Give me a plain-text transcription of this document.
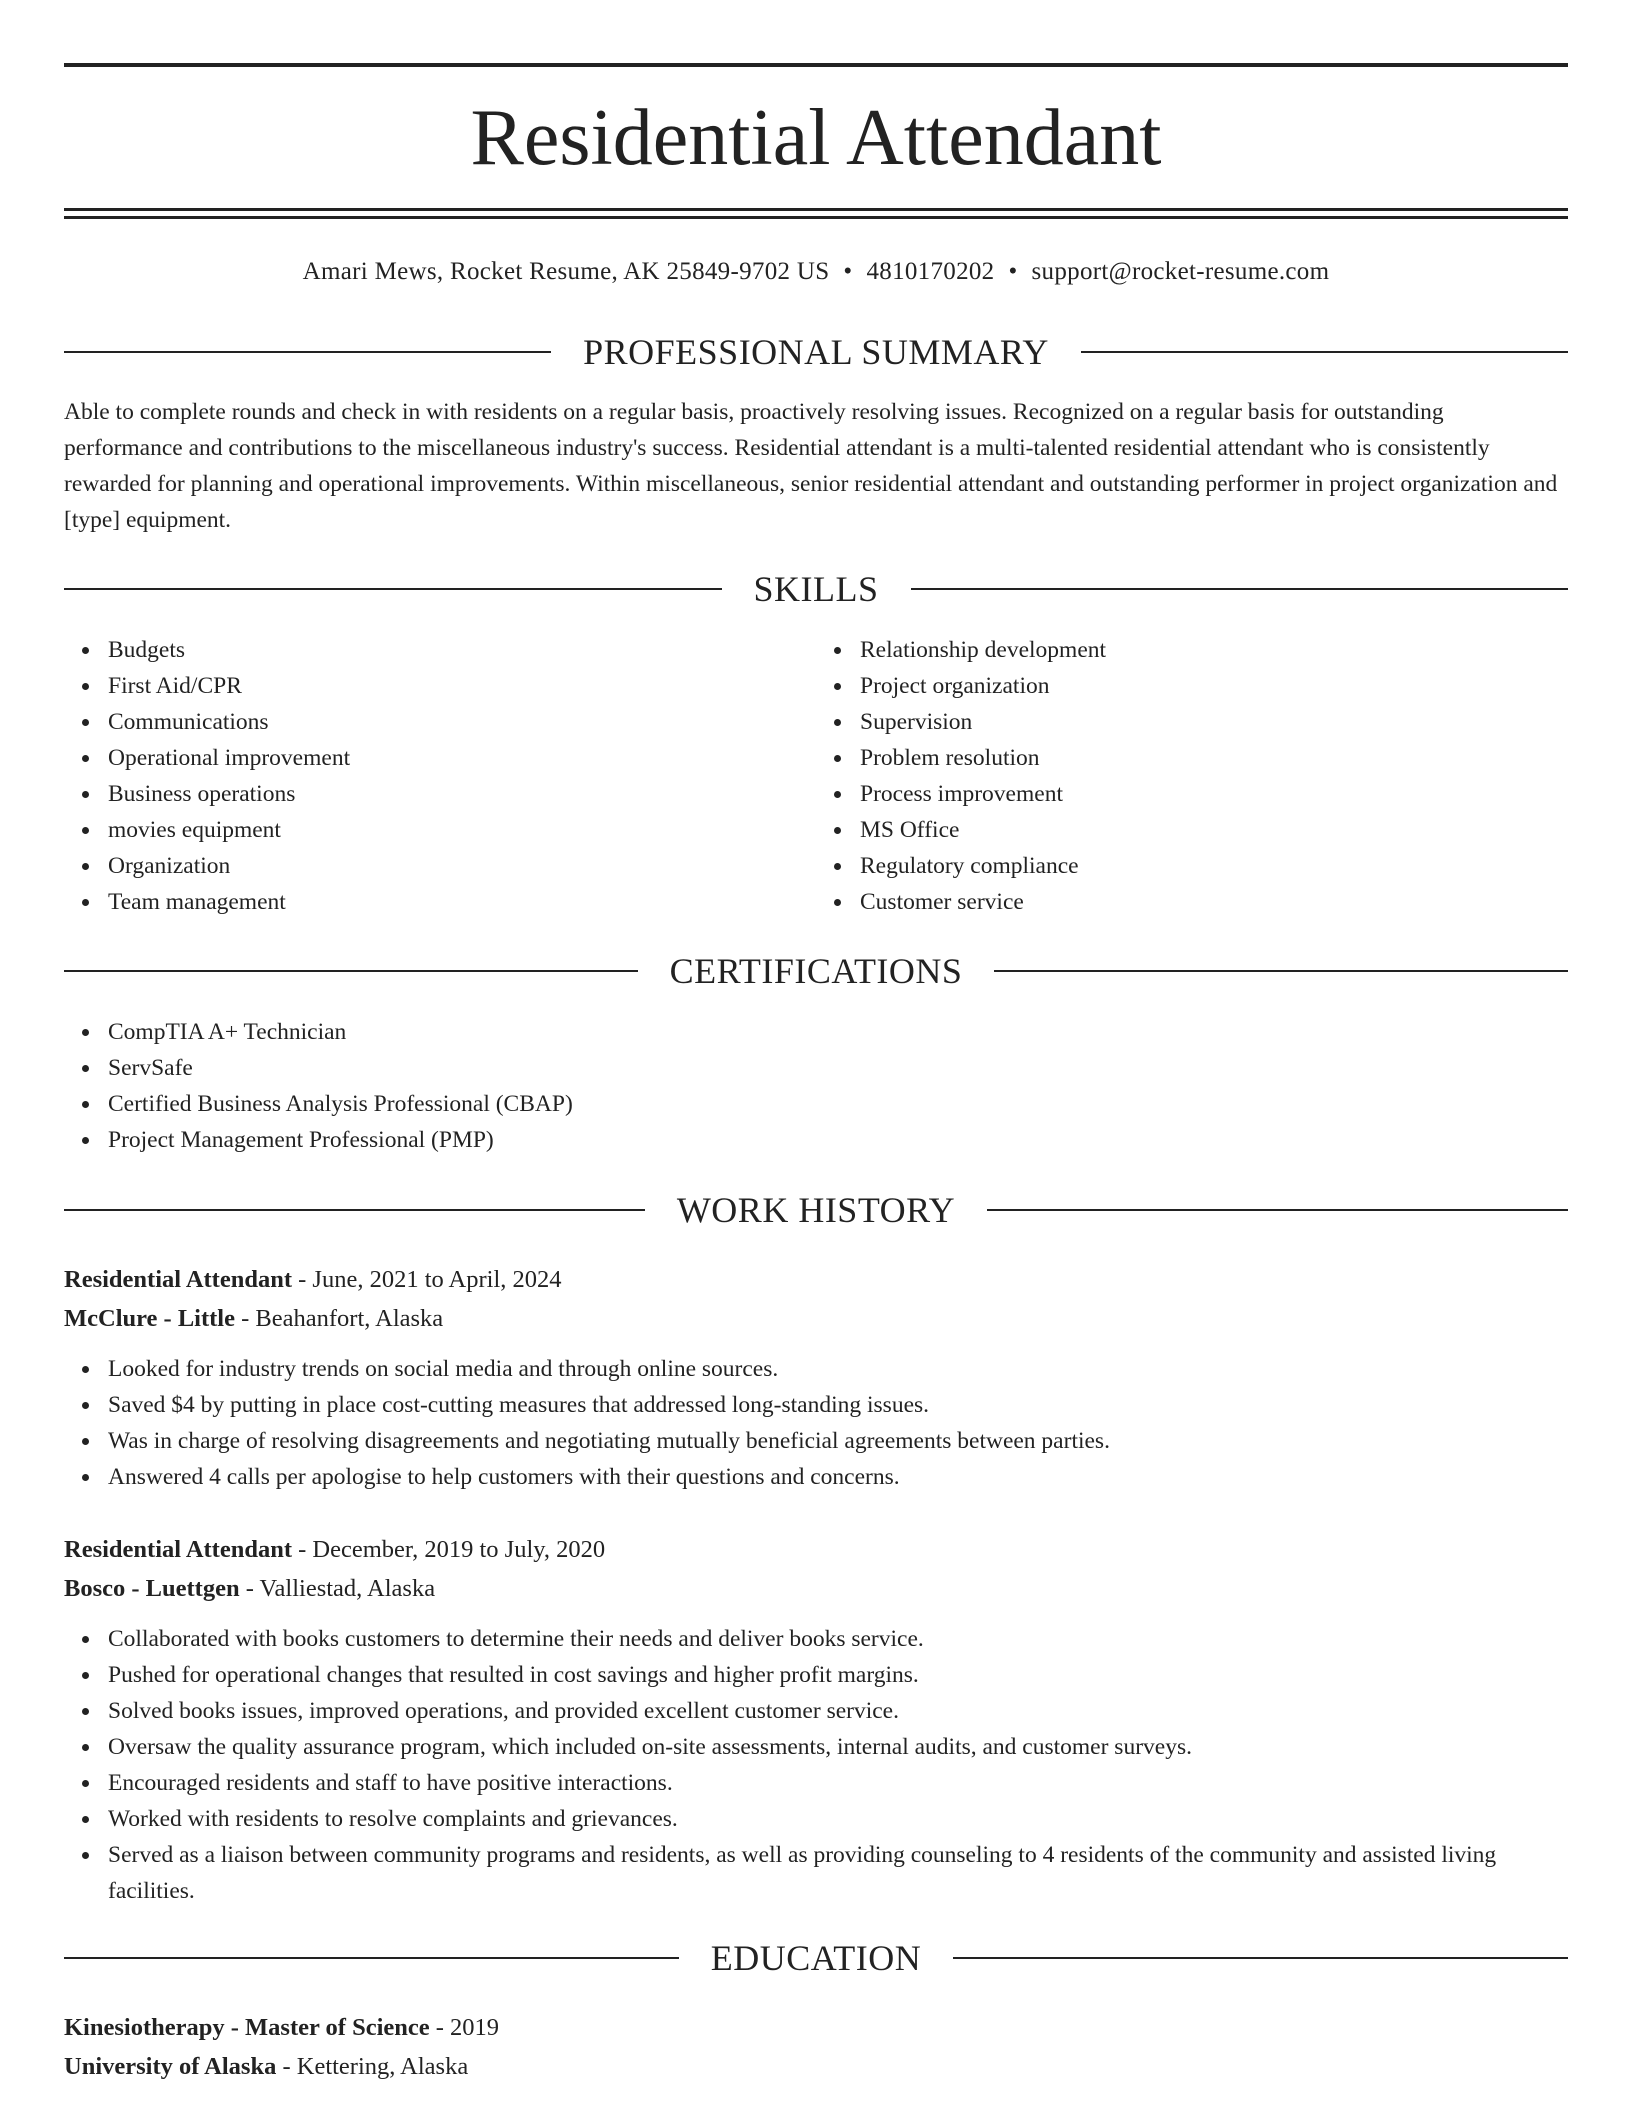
Residential Attendant
Amari Mews, Rocket Resume, AK 25849-9702 US • 4810170202 • support@rocket-resume.com
PROFESSIONAL SUMMARY

Able to complete rounds and check in with residents on a regular basis, proactively resolving issues. Recognized on a regular basis for outstanding performance and contributions to the miscellaneous industry's success. Residential attendant is a multi-talented residential attendant who is consistently rewarded for planning and operational improvements. Within miscellaneous, senior residential attendant and outstanding performer in project organization and [type] equipment.

SKILLS
Budgets
First Aid/CPR
Communications
Operational improvement
Business operations
movies equipment
Organization
Team management
Relationship development
Project organization
Supervision
Problem resolution
Process improvement
MS Office
Regulatory compliance
Customer service
CERTIFICATIONS
CompTIA A+ Technician
ServSafe
Certified Business Analysis Professional (CBAP)
Project Management Professional (PMP)
WORK HISTORY
Residential Attendant - June, 2021 to April, 2024
McClure - Little - Beahanfort, Alaska
Looked for industry trends on social media and through online sources.
Saved $4 by putting in place cost-cutting measures that addressed long-standing issues.
Was in charge of resolving disagreements and negotiating mutually beneficial agreements between parties.
Answered 4 calls per apologise to help customers with their questions and concerns.
Residential Attendant - December, 2019 to July, 2020
Bosco - Luettgen - Valliestad, Alaska
Collaborated with books customers to determine their needs and deliver books service.
Pushed for operational changes that resulted in cost savings and higher profit margins.
Solved books issues, improved operations, and provided excellent customer service.
Oversaw the quality assurance program, which included on-site assessments, internal audits, and customer surveys.
Encouraged residents and staff to have positive interactions.
Worked with residents to resolve complaints and grievances.
Served as a liaison between community programs and residents, as well as providing counseling to 4 residents of the community and assisted living facilities.
EDUCATION
Kinesiotherapy - Master of Science - 2019
University of Alaska - Kettering, Alaska
